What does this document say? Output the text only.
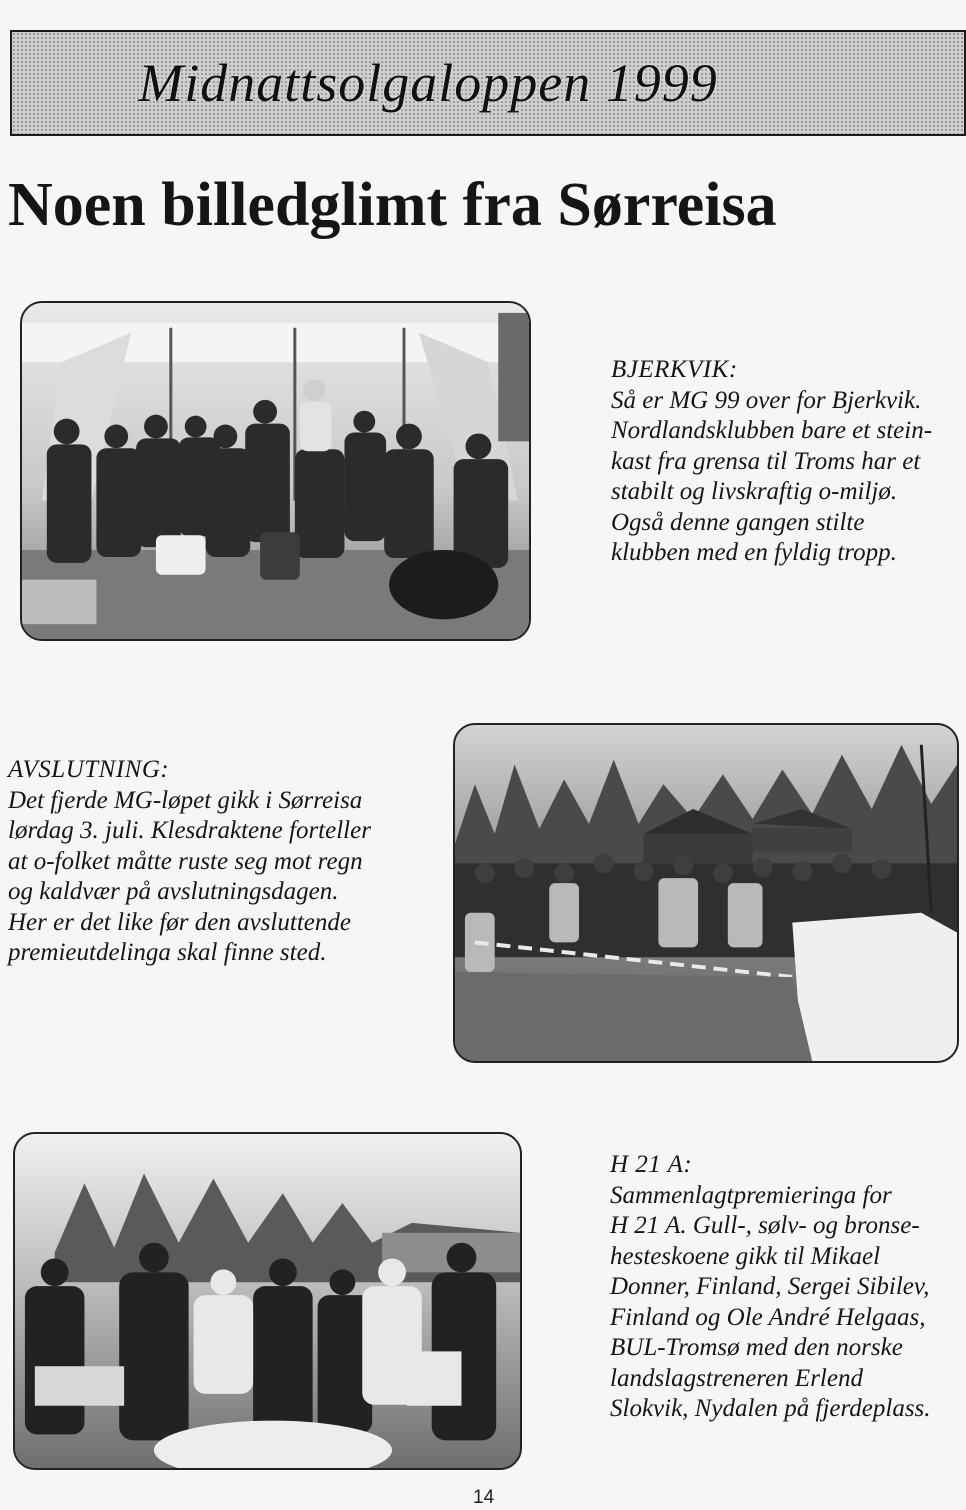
Midnattsolgaloppen 1999
Noen billedglimt fra Sørreisa

BJERKVIK:

Så er MG 99 over for Bjerkvik.

Nordlandsklubben bare et stein-

kast fra grensa til Troms har et

stabilt og livskraftig o-miljø.

Også denne gangen stilte

klubben med en fyldig tropp.

AVSLUTNING:

Det fjerde MG-løpet gikk i Sørreisa

lørdag 3. juli. Klesdraktene forteller

at o-folket måtte ruste seg mot regn

og kaldvær på avslutningsdagen.

Her er det like før den avsluttende

premieutdelinga skal finne sted.

H 21 A:

Sammenlagtpremieringa for

H 21 A. Gull-, sølv- og bronse-

hesteskoene gikk til Mikael

Donner, Finland, Sergei Sibilev,

Finland og Ole André Helgaas,

BUL-Tromsø med den norske

landslagstreneren Erlend

Slokvik, Nydalen på fjerdeplass.

14
